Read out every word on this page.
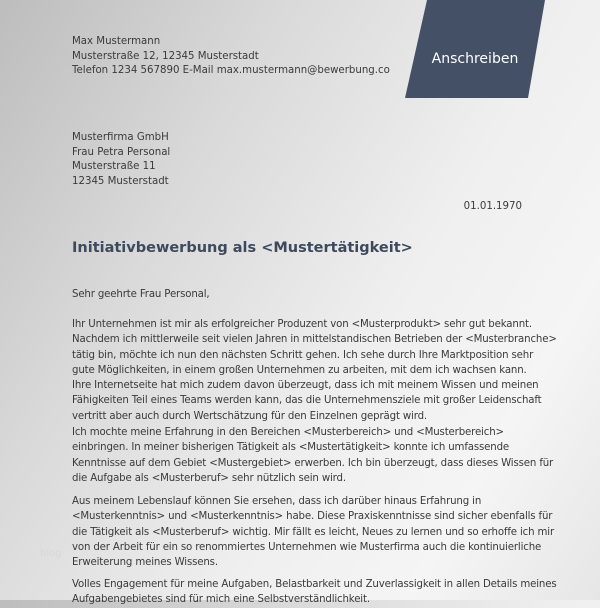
Anschreiben
Max Mustermann
Musterstraße 12, 12345 Musterstadt
Telefon 1234 567890 E-Mail max.mustermann@bewerbung.co
Musterfirma GmbH
Frau Petra Personal
Musterstraße 11
12345 Musterstadt
01.01.1970
Initiativbewerbung als <Mustertätigkeit>
Sehr geehrte Frau Personal,
Ihr Unternehmen ist mir als erfolgreicher Produzent von <Musterprodukt> sehr gut bekannt.
Nachdem ich mittlerweile seit vielen Jahren in mittelstandischen Betrieben der <Musterbranche>
tätig bin, möchte ich nun den nächsten Schritt gehen. Ich sehe durch Ihre Marktposition sehr
gute Möglichkeiten, in einem großen Unternehmen zu arbeiten, mit dem ich wachsen kann.
Ihre Internetseite hat mich zudem davon überzeugt, dass ich mit meinem Wissen und meinen
Fähigkeiten Teil eines Teams werden kann, das die Unternehmensziele mit großer Leidenschaft
vertritt aber auch durch Wertschätzung für den Einzelnen geprägt wird.
Ich mochte meine Erfahrung in den Bereichen <Musterbereich> und <Musterbereich>
einbringen. In meiner bisherigen Tätigkeit als <Mustertätigkeit> konnte ich umfassende
Kenntnisse auf dem Gebiet <Mustergebiet> erwerben. Ich bin überzeugt, dass dieses Wissen für
die Aufgabe als <Musterberuf> sehr nützlich sein wird.
Aus meinem Lebenslauf können Sie ersehen, dass ich darüber hinaus Erfahrung in
<Musterkenntnis> und <Musterkenntnis> habe. Diese Praxiskenntnisse sind sicher ebenfalls für
die Tätigkeit als <Musterberuf> wichtig. Mir fällt es leicht, Neues zu lernen und so erhoffe ich mir
von der Arbeit für ein so renommiertes Unternehmen wie Musterfirma auch die kontinuierliche
Erweiterung meines Wissens.
Volles Engagement für meine Aufgaben, Belastbarkeit und Zuverlassigkeit in allen Details meines
Aufgabengebietes sind für mich eine Selbstverständlichkeit.
blog
